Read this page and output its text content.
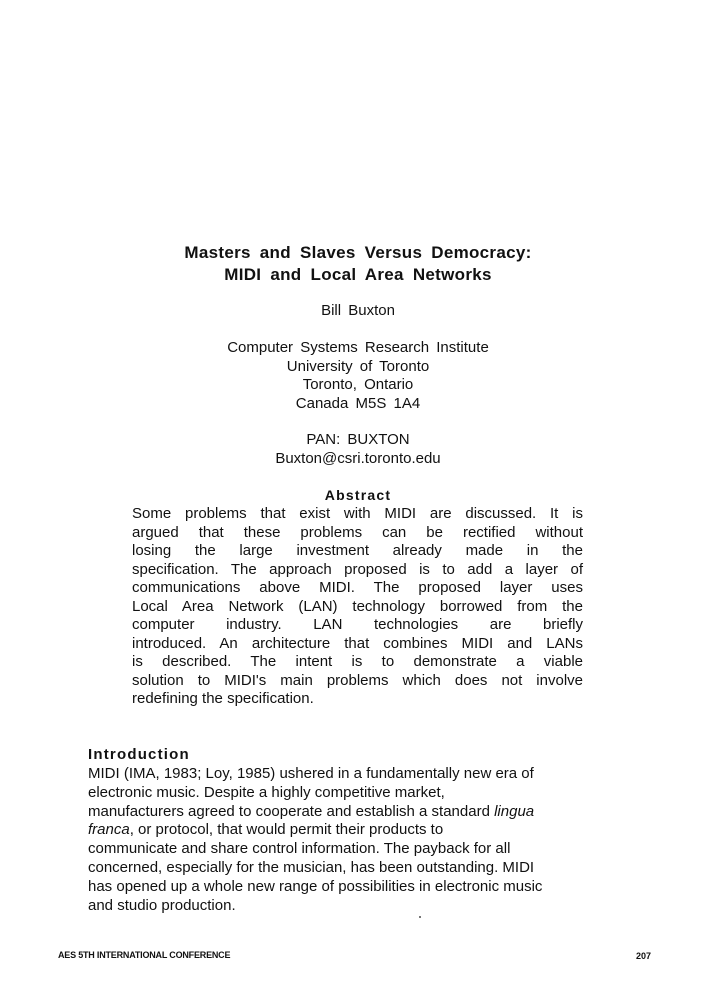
Masters and Slaves Versus Democracy:
MIDI and Local Area Networks
Bill Buxton
Computer Systems Research Institute
University of Toronto
Toronto, Ontario
Canada M5S 1A4
PAN: BUXTON
Buxton@csri.toronto.edu
Abstract
Some problems that exist with MIDI are discussed. It is
argued that these problems can be rectified without
losing the large investment already made in the
specification. The approach proposed is to add a layer of
communications above MIDI. The proposed layer uses
Local Area Network (LAN) technology borrowed from the
computer industry. LAN technologies are briefly
introduced. An architecture that combines MIDI and LANs
is described. The intent is to demonstrate a viable
solution to MIDI's main problems which does not involve
redefining the specification.
Introduction
MIDI (IMA, 1983; Loy, 1985) ushered in a fundamentally new era of
electronic music. Despite a highly competitive market,
manufacturers agreed to cooperate and establish a standard lingua
franca, or protocol, that would permit their products to
communicate and share control information. The payback for all
concerned, especially for the musician, has been outstanding. MIDI
has opened up a whole new range of possibilities in electronic music
and studio production.
AES 5TH INTERNATIONAL CONFERENCE	207
